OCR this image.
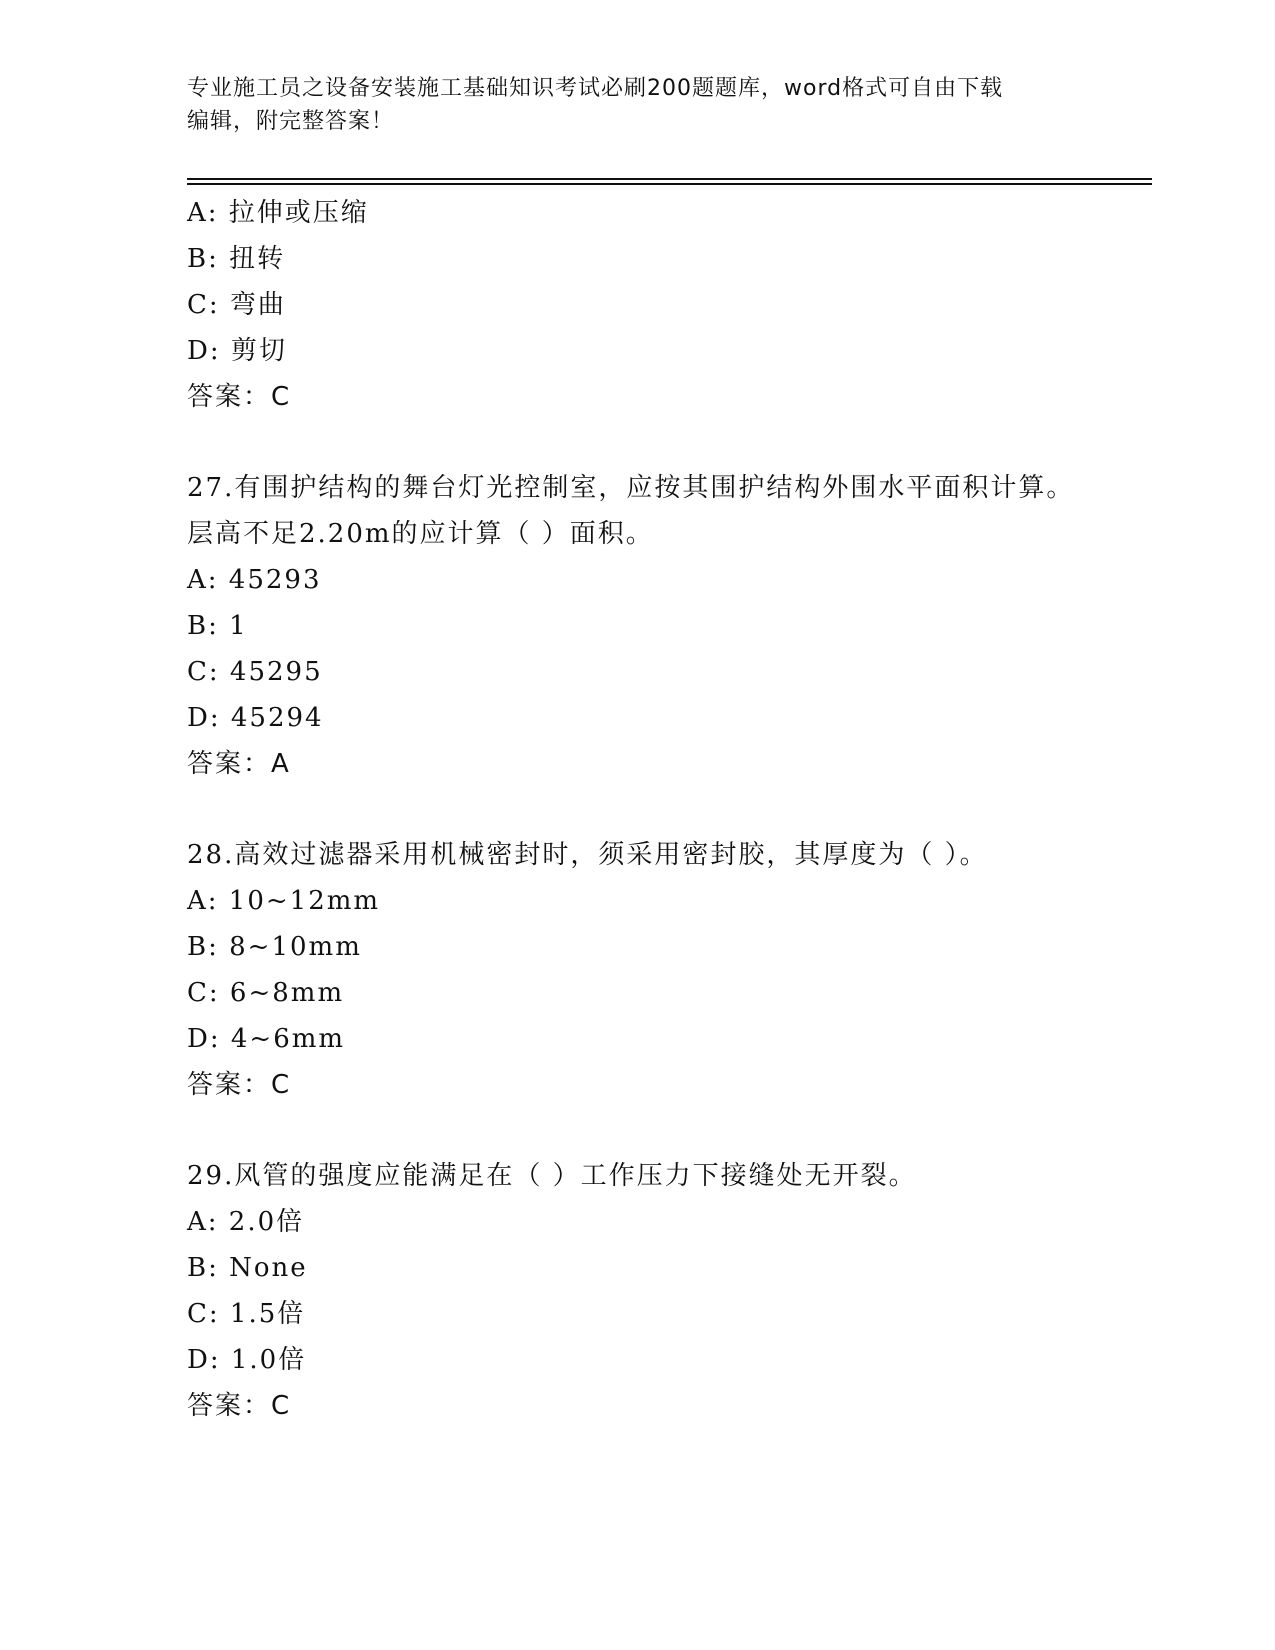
专业施工员之设备安装施工基础知识考试必刷200题题库，word格式可自由下载
编辑，附完整答案！
A: 拉伸或压缩
B: 扭转
C: 弯曲
D: 剪切
答案：C
27.有围护结构的舞台灯光控制室，应按其围护结构外围水平面积计算。层高不足2.20m的应计算（ ）面积。
A: 45293
B: 1
C: 45295
D: 45294
答案：A
28.高效过滤器采用机械密封时，须采用密封胶，其厚度为（ ）。
A: 10~12mm
B: 8~10mm
C: 6~8mm
D: 4~6mm
答案：C
29.风管的强度应能满足在（ ）工作压力下接缝处无开裂。
A: 2.0倍
B: None
C: 1.5倍
D: 1.0倍
答案：C
